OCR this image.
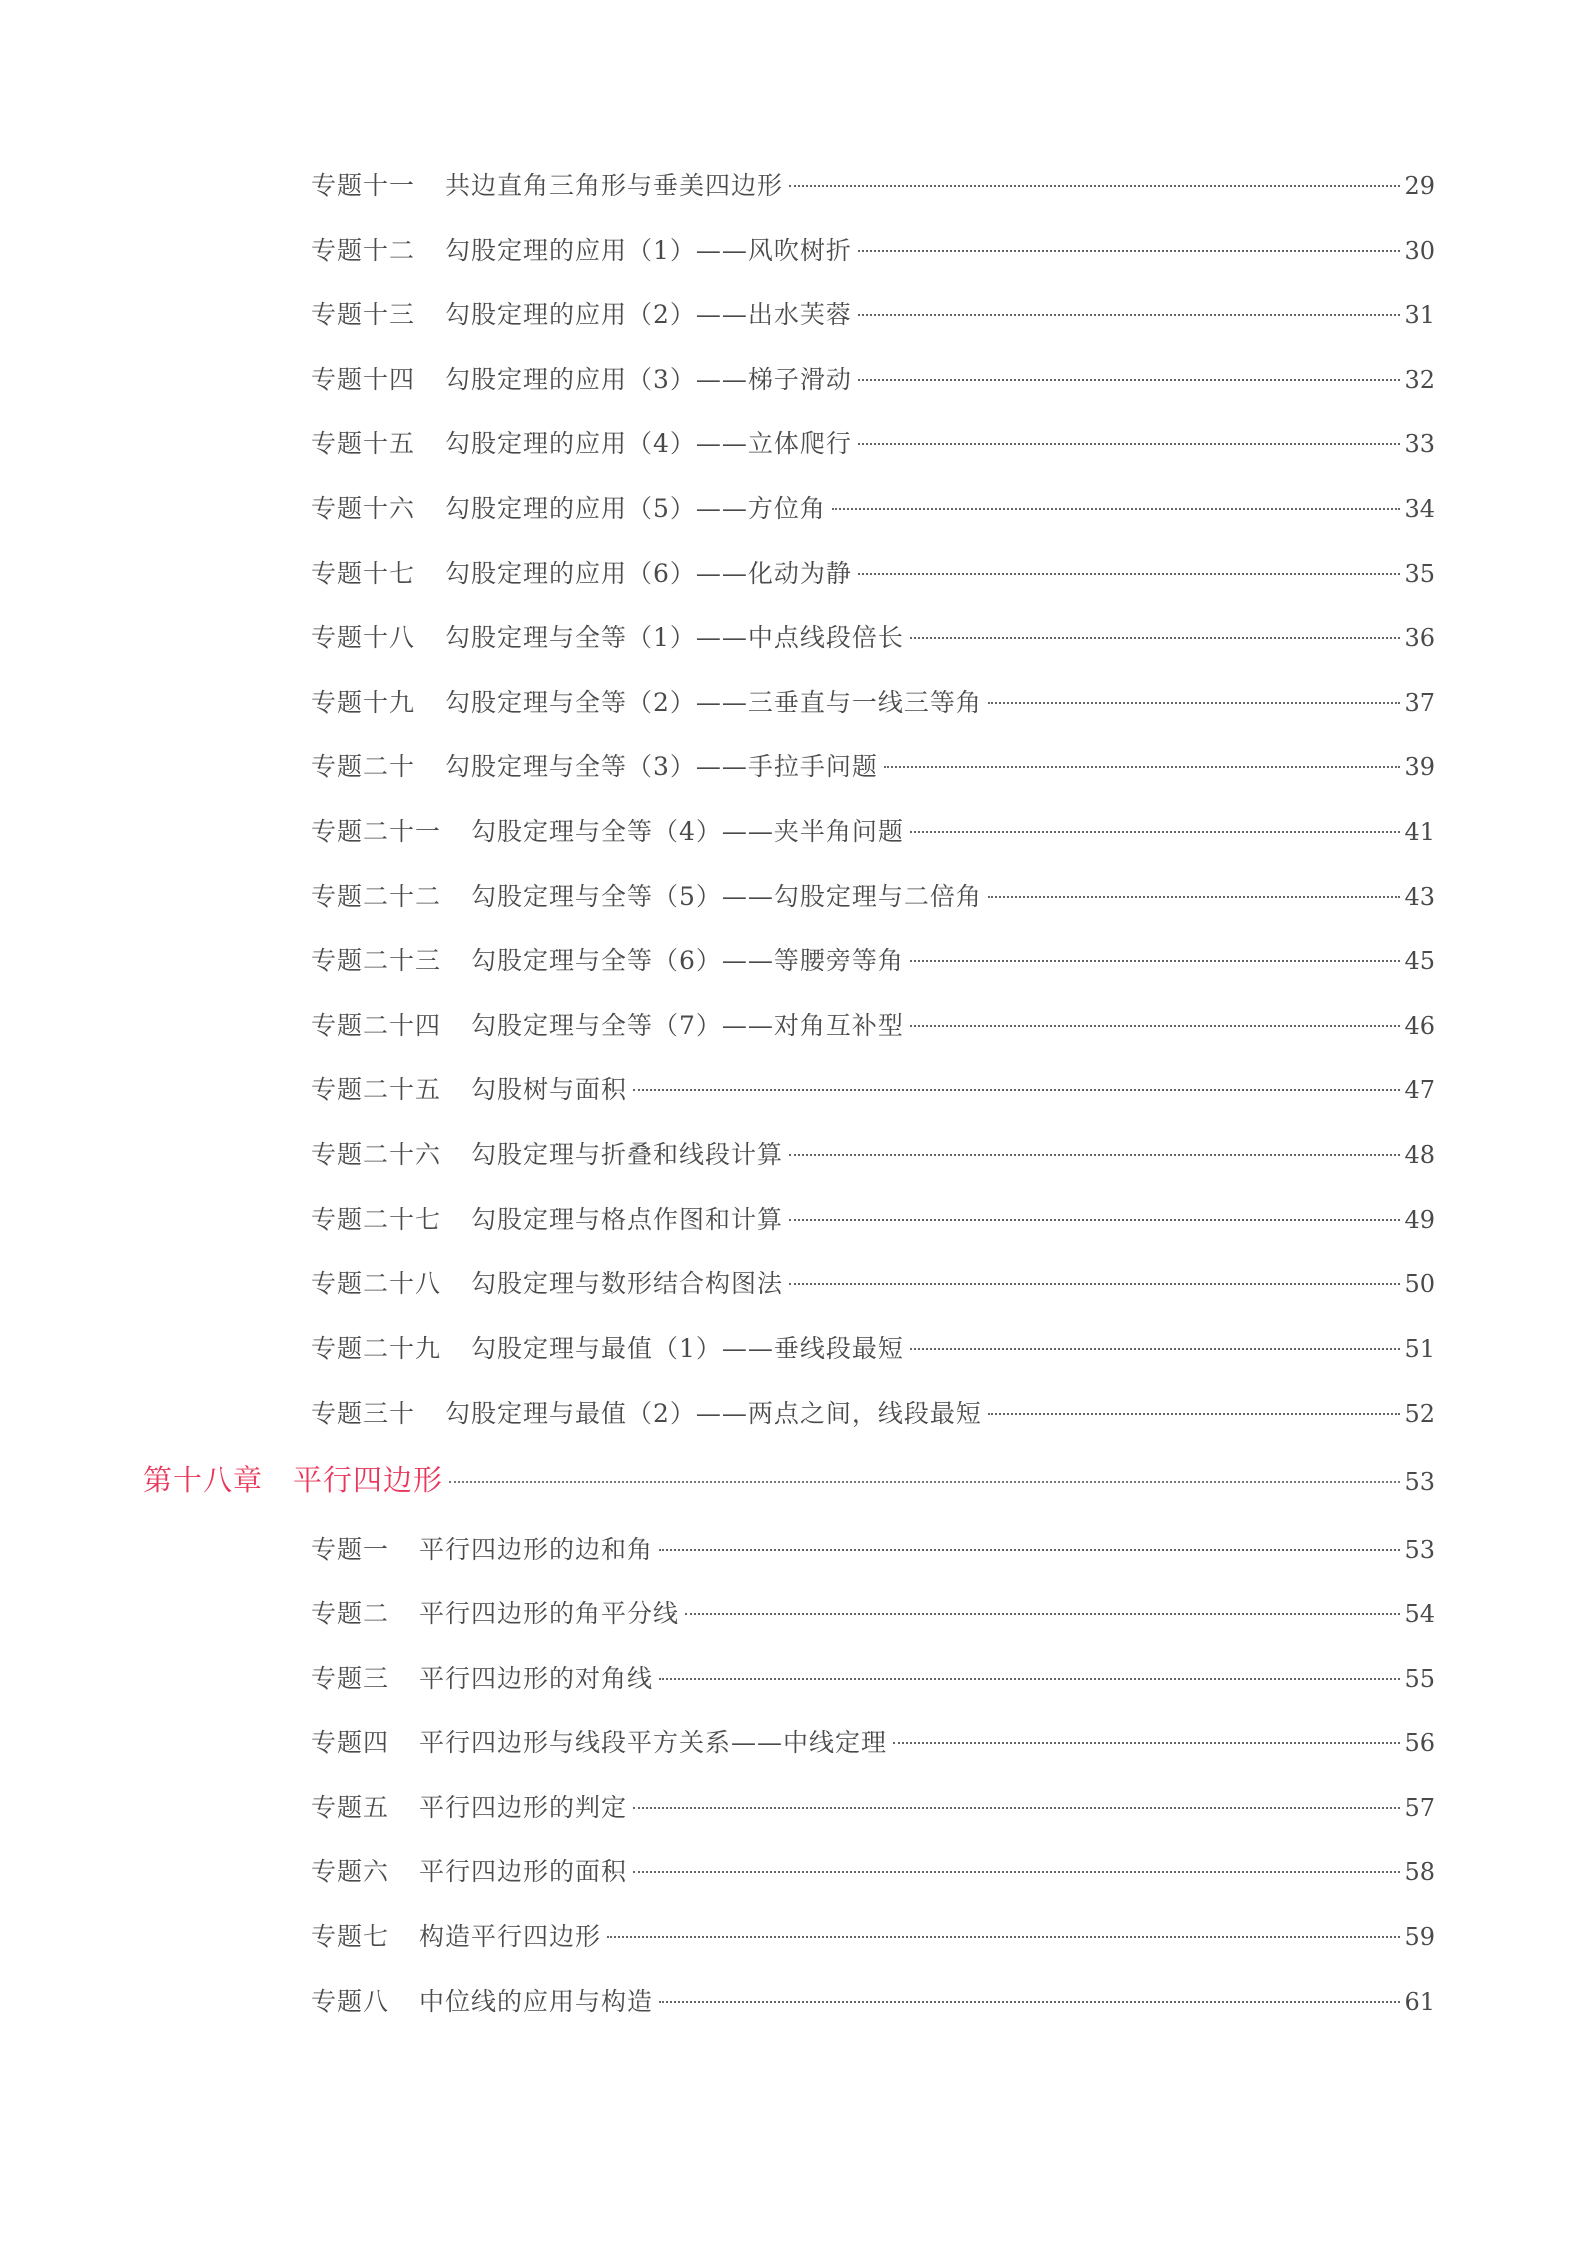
专题十一 共边直角三角形与垂美四边形	29
专题十二 勾股定理的应用（1）——风吹树折	30
专题十三 勾股定理的应用（2）——出水芙蓉	31
专题十四 勾股定理的应用（3）——梯子滑动	32
专题十五 勾股定理的应用（4）——立体爬行	33
专题十六 勾股定理的应用（5）——方位角	34
专题十七 勾股定理的应用（6）——化动为静	35
专题十八 勾股定理与全等（1）——中点线段倍长	36
专题十九 勾股定理与全等（2）——三垂直与一线三等角	37
专题二十 勾股定理与全等（3）——手拉手问题	39
专题二十一 勾股定理与全等（4）——夹半角问题	41
专题二十二 勾股定理与全等（5）——勾股定理与二倍角	43
专题二十三 勾股定理与全等（6）——等腰旁等角	45
专题二十四 勾股定理与全等（7）——对角互补型	46
专题二十五 勾股树与面积	47
专题二十六 勾股定理与折叠和线段计算	48
专题二十七 勾股定理与格点作图和计算	49
专题二十八 勾股定理与数形结合构图法	50
专题二十九 勾股定理与最值（1）——垂线段最短	51
专题三十 勾股定理与最值（2）——两点之间，线段最短	52
第十八章 平行四边形	53
专题一 平行四边形的边和角	53
专题二 平行四边形的角平分线	54
专题三 平行四边形的对角线	55
专题四 平行四边形与线段平方关系——中线定理	56
专题五 平行四边形的判定	57
专题六 平行四边形的面积	58
专题七 构造平行四边形	59
专题八 中位线的应用与构造	61
